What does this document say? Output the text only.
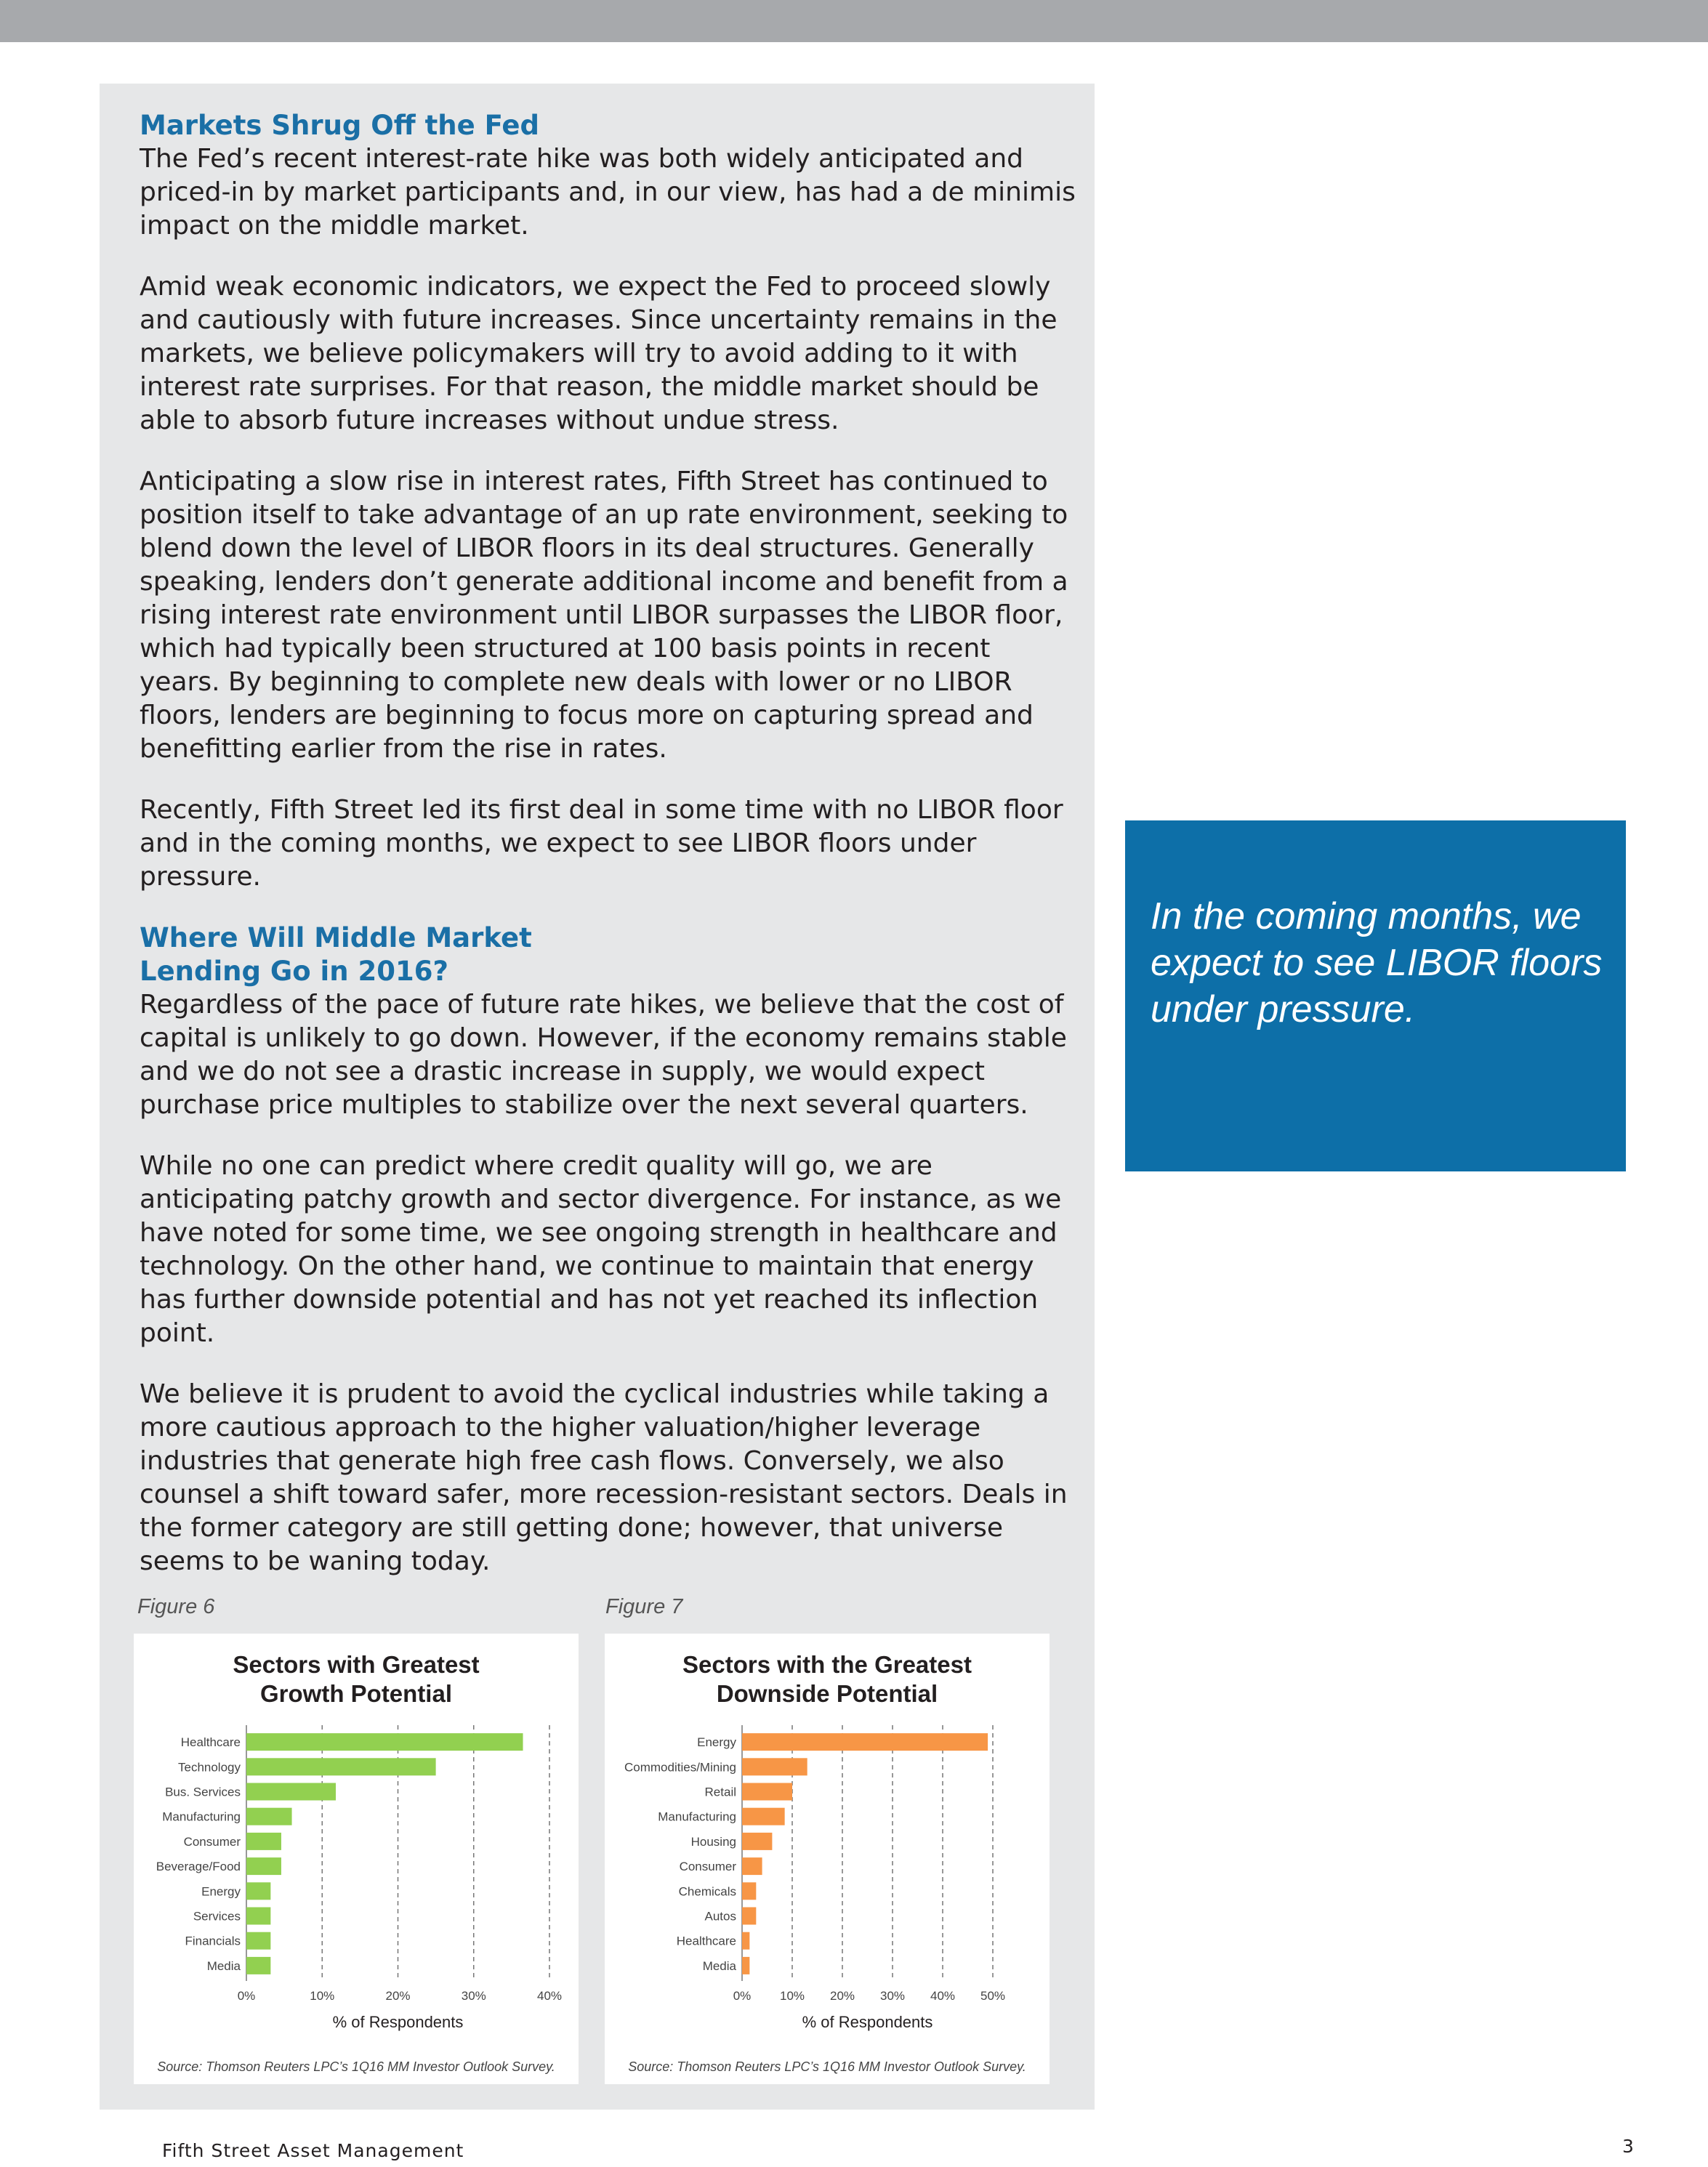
Markets Shrug Off the Fed

The Fed’s recent interest-rate hike was both widely anticipated and priced-in by market participants and, in our view, has had a de minimis impact on the middle market.

Amid weak economic indicators, we expect the Fed to proceed slowly and cautiously with future increases. Since uncertainty remains in the markets, we believe policymakers will try to avoid adding to it with interest rate surprises. For that reason, the middle market should be able to absorb future increases without undue stress.

Anticipating a slow rise in interest rates, Fifth Street has continued to position itself to take advantage of an up rate environment, seeking to blend down the level of LIBOR floors in its deal structures. Generally speaking, lenders don’t generate additional income and benefit from a rising interest rate environment until LIBOR surpasses the LIBOR floor, which had typically been structured at 100 basis points in recent years. By beginning to complete new deals with lower or no LIBOR floors, lenders are beginning to focus more on capturing spread and benefitting earlier from the rise in rates.

Recently, Fifth Street led its first deal in some time with no LIBOR floor and in the coming months, we expect to see LIBOR floors under pressure.

Where Will Middle Market
Lending Go in 2016?

Regardless of the pace of future rate hikes, we believe that the cost of capital is unlikely to go down. However, if the economy remains stable and we do not see a drastic increase in supply, we would expect purchase price multiples to stabilize over the next several quarters.

While no one can predict where credit quality will go, we are anticipating patchy growth and sector divergence. For instance, as we have noted for some time, we see ongoing strength in healthcare and technology. On the other hand, we continue to maintain that energy has further downside potential and has not yet reached its inflection point.

We believe it is prudent to avoid the cyclical industries while taking a more cautious approach to the higher valuation/higher leverage industries that generate high free cash flows. Conversely, we also counsel a shift toward safer, more recession-resistant sectors. Deals in the former category are still getting done; however, that universe seems to be waning today.

In the coming months, we expect to see LIBOR floors under pressure.
Figure 6	Figure 7
Sectors with Greatest
Growth Potential
0%	10%	20%	30%	40%
Healthcare
Technology
Bus. Services
Manufacturing
Consumer
Beverage/Food
Energy
Services
Financials
Media
% of Respondents
Source: Thomson Reuters LPC’s 1Q16 MM Investor Outlook Survey.
Sectors with the Greatest
Downside Potential
0% 10% 20% 30% 40% 50%
Energy
Commodities/Mining
Retail
Manufacturing
Housing
Consumer
Chemicals
Autos
Healthcare
Media
% of Respondents
Source: Thomson Reuters LPC’s 1Q16 MM Investor Outlook Survey.
Fifth Street Asset Management	3
